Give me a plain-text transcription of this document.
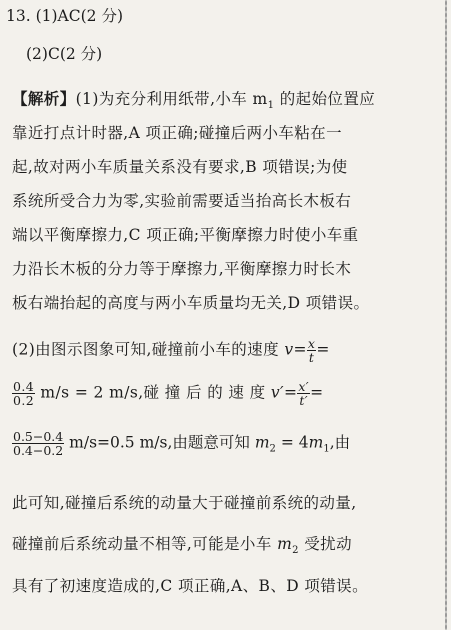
13. (1)AC(2 分)
(2)C(2 分)
【解析】(1)为充分利用纸带,小车 $m_1$ 的起始位置应
靠近打点计时器,A 项正确;碰撞后两小车粘在一
起,故对两小车质量关系没有要求,B 项错误;为使
系统所受合力为零,实验前需要适当抬高长木板右
端以平衡摩擦力,C 项正确;平衡摩擦力时使小车重
力沿长木板的分力等于摩擦力,平衡摩擦力时长木
板右端抬起的高度与两小车质量均无关,D 项错误。
(2)由图示图象可知,碰撞前小车的速度 $v= \frac{x}{t}$ =
$\frac{0.4}{0.2} m/s = 2$ m/s,碰 撞 后 的 速 度 $v'= \frac{x'}{t'}$ =
$\frac{0.5-0.4}{0.4-0.2} m/s=0.5$ m/s,由题意可知 $m_2 = 4m_1$,由
此可知,碰撞后系统的动量大于碰撞前系统的动量,
碰撞前后系统动量不相等,可能是小车 $m_2$ 受扰动
具有了初速度造成的,C 项正确,A、B、D 项错误。
